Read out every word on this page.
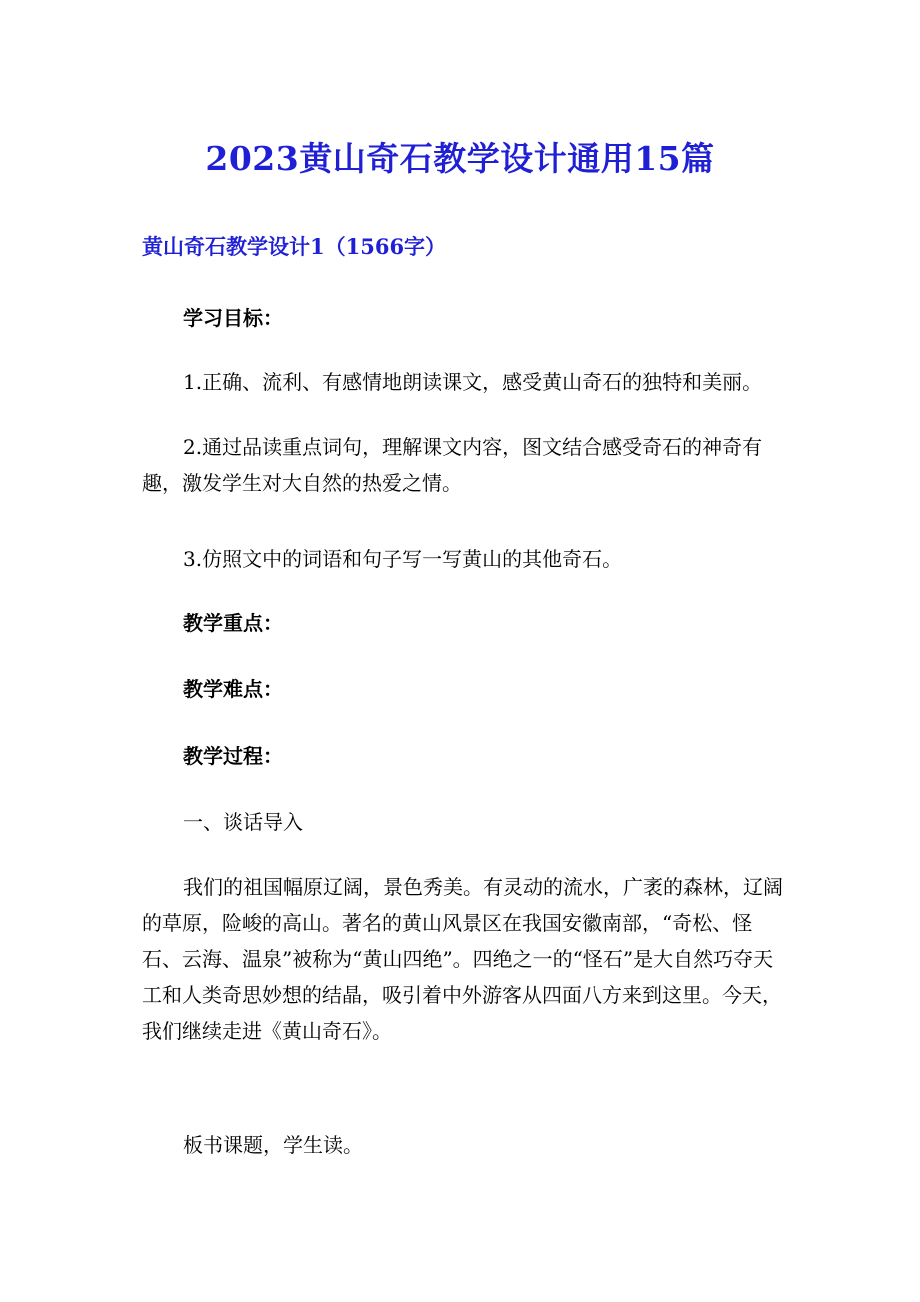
2023黄山奇石教学设计通用15篇
黄山奇石教学设计1（1566字）

学习目标：

1.正确、流利、有感情地朗读课文，感受黄山奇石的独特和美丽。

2.通过品读重点词句，理解课文内容，图文结合感受奇石的神奇有趣，激发学生对大自然的热爱之情。

3.仿照文中的词语和句子写一写黄山的其他奇石。

教学重点：

教学难点：

教学过程：

一、谈话导入

我们的祖国幅原辽阔，景色秀美。有灵动的流水，广袤的森林，辽阔的草原，险峻的高山。著名的黄山风景区在我国安徽南部，“奇松、怪石、云海、温泉”被称为“黄山四绝”。四绝之一的“怪石”是大自然巧夺天工和人类奇思妙想的结晶，吸引着中外游客从四面八方来到这里。今天，我们继续走进《黄山奇石》。

板书课题，学生读。
